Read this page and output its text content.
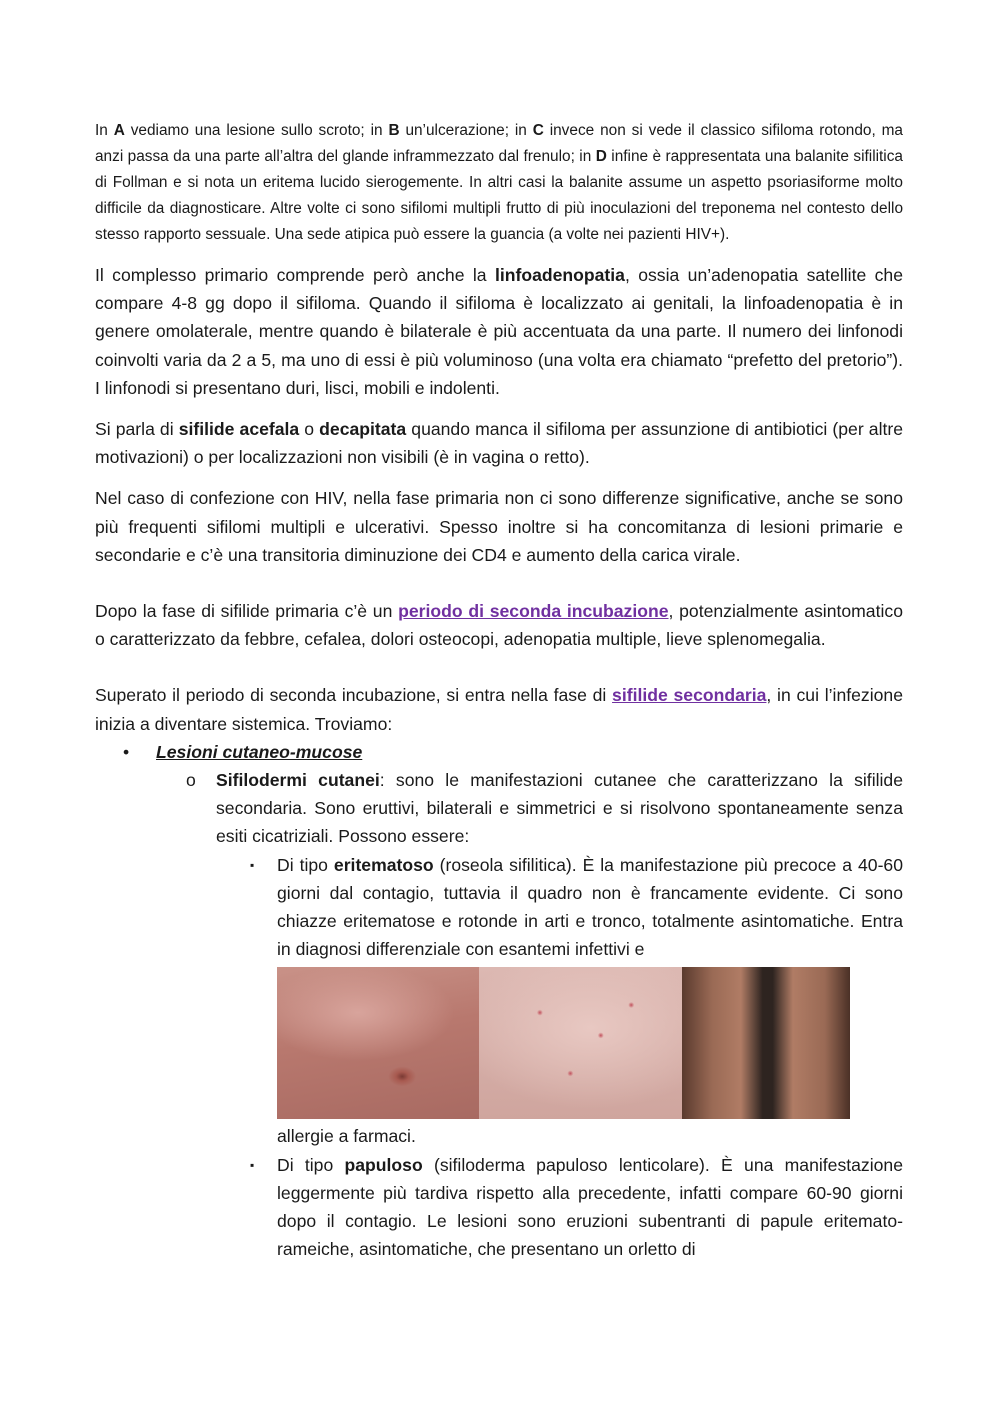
In A vediamo una lesione sullo scroto; in B un’ulcerazione; in C invece non si vede il classico sifiloma rotondo, ma anzi passa da una parte all’altra del glande inframmezzato dal frenulo; in D infine è rappresentata una balanite sifilitica di Follman e si nota un eritema lucido sierogemente. In altri casi la balanite assume un aspetto psoriasiforme molto difficile da diagnosticare. Altre volte ci sono sifilomi multipli frutto di più inoculazioni del treponema nel contesto dello stesso rapporto sessuale. Una sede atipica può essere la guancia (a volte nei pazienti HIV+).

Il complesso primario comprende però anche la linfoadenopatia, ossia un’adenopatia satellite che compare 4-8 gg dopo il sifiloma. Quando il sifiloma è localizzato ai genitali, la linfoadenopatia è in genere omolaterale, mentre quando è bilaterale è più accentuata da una parte. Il numero dei linfonodi coinvolti varia da 2 a 5, ma uno di essi è più voluminoso (una volta era chiamato “prefetto del pretorio”). I linfonodi si presentano duri, lisci, mobili e indolenti.

Si parla di sifilide acefala o decapitata quando manca il sifiloma per assunzione di antibiotici (per altre motivazioni) o per localizzazioni non visibili (è in vagina o retto).

Nel caso di confezione con HIV, nella fase primaria non ci sono differenze significative, anche se sono più frequenti sifilomi multipli e ulcerativi. Spesso inoltre si ha concomitanza di lesioni primarie e secondarie e c’è una transitoria diminuzione dei CD4 e aumento della carica virale.

Dopo la fase di sifilide primaria c’è un periodo di seconda incubazione, potenzialmente asintomatico o caratterizzato da febbre, cefalea, dolori osteocopi, adenopatia multiple, lieve splenomegalia.

Superato il periodo di seconda incubazione, si entra nella fase di sifilide secondaria, in cui l’infezione inizia a diventare sistemica. Troviamo:

• Lesioni cutaneo-mucose
o Sifilodermi cutanei: sono le manifestazioni cutanee che caratterizzano la sifilide secondaria. Sono eruttivi, bilaterali e simmetrici e si risolvono spontaneamente senza esiti cicatriziali. Possono essere:
▪ Di tipo eritematoso (roseola sifilitica). È la manifestazione più precoce a 40-60 giorni dal contagio, tuttavia il quadro non è francamente evidente. Ci sono chiazze eritematose e rotonde in arti e tronco, totalmente asintomatiche. Entra in diagnosi differenziale con esantemi infettivi e
allergie a farmaci.
▪ Di tipo papuloso (sifiloderma papuloso lenticolare). È una manifestazione leggermente più tardiva rispetto alla precedente, infatti compare 60-90 giorni dopo il contagio. Le lesioni sono eruzioni subentranti di papule eritemato-rameiche, asintomatiche, che presentano un orletto di
